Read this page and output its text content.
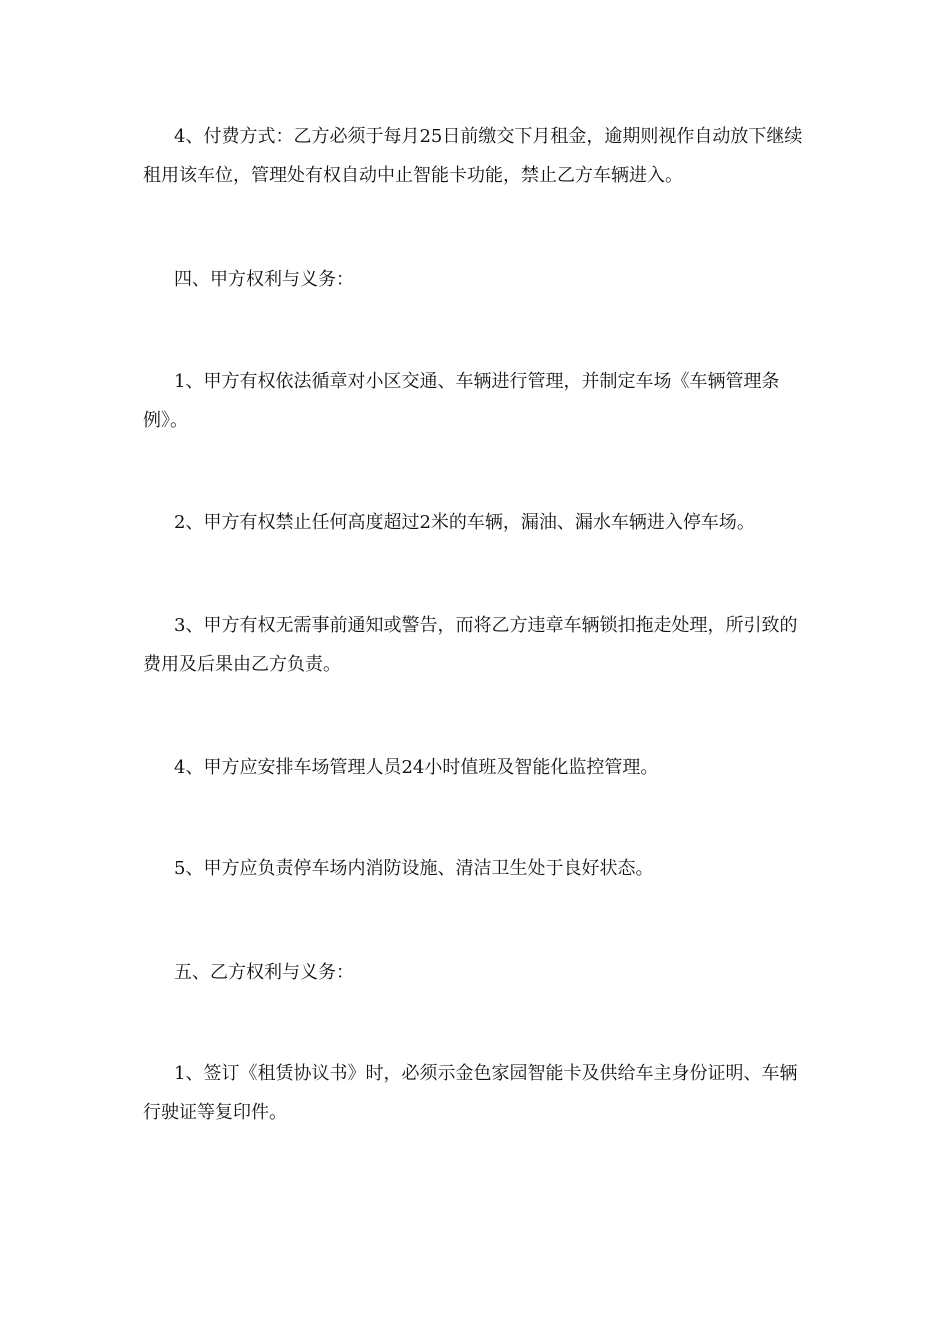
4、付费方式：乙方必须于每月25日前缴交下月租金，逾期则视作自动放下继续租用该车位，管理处有权自动中止智能卡功能，禁止乙方车辆进入。

四、甲方权利与义务：

1、甲方有权依法循章对小区交通、车辆进行管理，并制定车场《车辆管理条例》。

2、甲方有权禁止任何高度超过2米的车辆，漏油、漏水车辆进入停车场。

3、甲方有权无需事前通知或警告，而将乙方违章车辆锁扣拖走处理，所引致的费用及后果由乙方负责。

4、甲方应安排车场管理人员24小时值班及智能化监控管理。

5、甲方应负责停车场内消防设施、清洁卫生处于良好状态。

五、乙方权利与义务：

1、签订《租赁协议书》时，必须示金色家园智能卡及供给车主身份证明、车辆行驶证等复印件。
